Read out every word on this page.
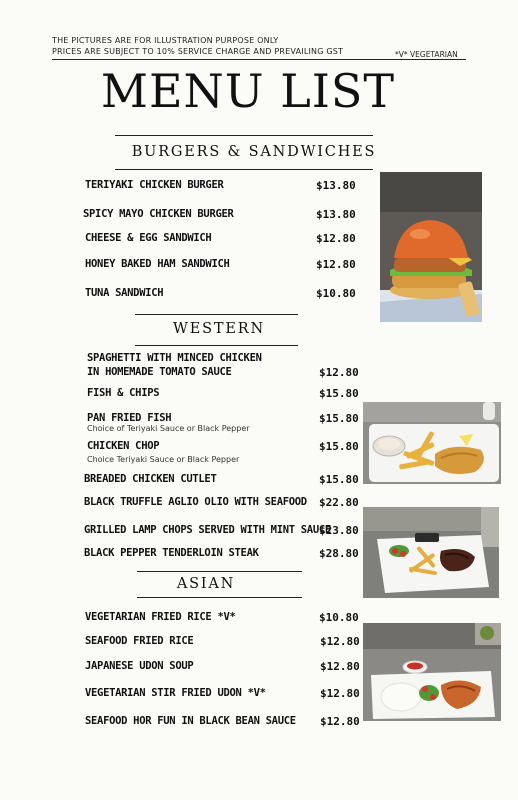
THE PICTURES ARE FOR ILLUSTRATION PURPOSE ONLY
PRICES ARE SUBJECT TO 10% SERVICE CHARGE AND PREVAILING GST	*V* VEGETARIAN
MENU LIST
BURGERS & SANDWICHES
TERIYAKI CHICKEN BURGER	$13.80
SPICY MAYO CHICKEN BURGER	$13.80
CHEESE & EGG SANDWICH	$12.80
HONEY BAKED HAM SANDWICH	$12.80
TUNA SANDWICH	$10.80
WESTERN
SPAGHETTI WITH MINCED CHICKEN
IN HOMEMADE TOMATO SAUCE	$12.80
FISH & CHIPS	$15.80
PAN FRIED FISH
Choice of Teriyaki Sauce or Black Pepper
$15.80
CHICKEN CHOP
Choice Teriyaki Sauce or Black Pepper
$15.80
BREADED CHICKEN CUTLET	$15.80
BLACK TRUFFLE AGLIO OLIO WITH SEAFOOD $22.80
GRILLED LAMP CHOPS SERVED WITH MINT SAUCE
$23.80
BLACK PEPPER TENDERLOIN STEAK	$28.80
ASIAN
VEGETARIAN FRIED RICE *V*	$10.80
SEAFOOD FRIED RICE	$12.80
JAPANESE UDON SOUP	$12.80
VEGETARIAN STIR FRIED UDON *V*	$12.80
SEAFOOD HOR FUN IN BLACK BEAN SAUCE $12.80
